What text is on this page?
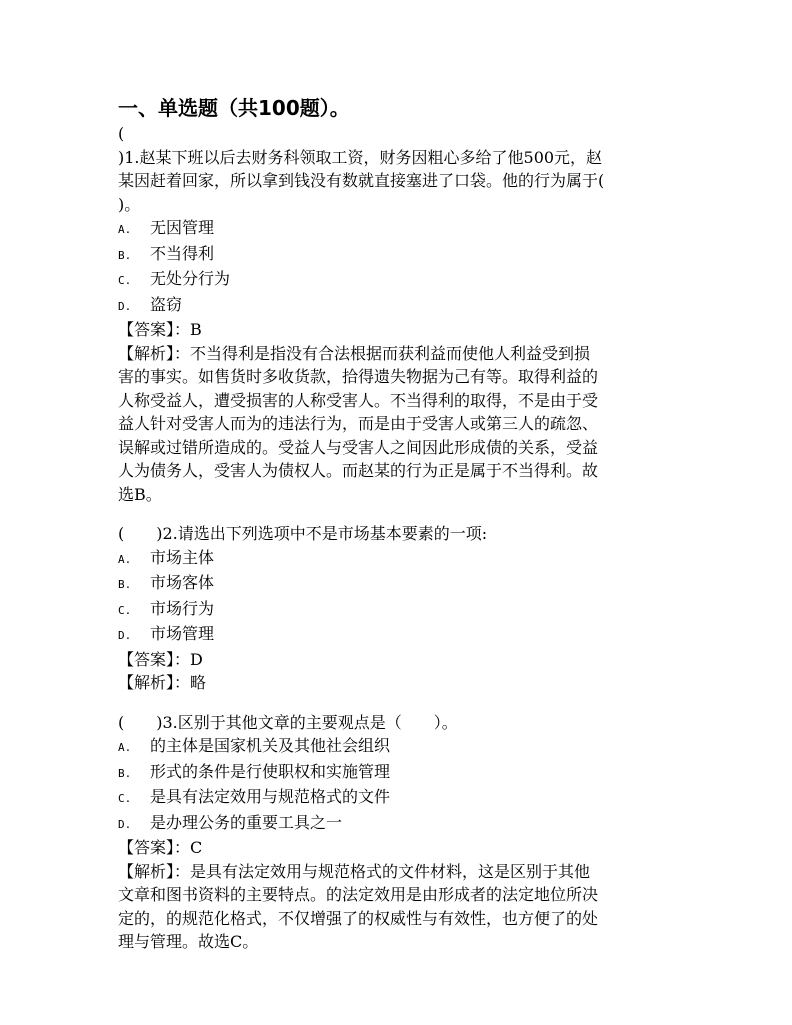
一、单选题（共100题）。
(
)1.赵某下班以后去财务科领取工资，财务因粗心多给了他500元，赵
某因赶着回家，所以拿到钱没有数就直接塞进了口袋。他的行为属于(
)。
A. 无因管理
B. 不当得利
C. 无处分行为
D. 盗窃
【答案】：B
【解析】：不当得利是指没有合法根据而获利益而使他人利益受到损
害的事实。如售货时多收货款，拾得遗失物据为己有等。取得利益的
人称受益人，遭受损害的人称受害人。不当得利的取得，不是由于受
益人针对受害人而为的违法行为，而是由于受害人或第三人的疏忽、
误解或过错所造成的。受益人与受害人之间因此形成债的关系，受益
人为债务人，受害人为债权人。而赵某的行为正是属于不当得利。故
选B。
(　　)2.请选出下列选项中不是市场基本要素的一项:
A. 市场主体
B. 市场客体
C. 市场行为
D. 市场管理
【答案】：D
【解析】：略
(　　)3.区别于其他文章的主要观点是（　　）。
A. 的主体是国家机关及其他社会组织
B. 形式的条件是行使职权和实施管理
C. 是具有法定效用与规范格式的文件
D. 是办理公务的重要工具之一
【答案】：C
【解析】：是具有法定效用与规范格式的文件材料，这是区别于其他
文章和图书资料的主要特点。的法定效用是由形成者的法定地位所决
定的，的规范化格式，不仅增强了的权威性与有效性，也方便了的处
理与管理。故选C。
